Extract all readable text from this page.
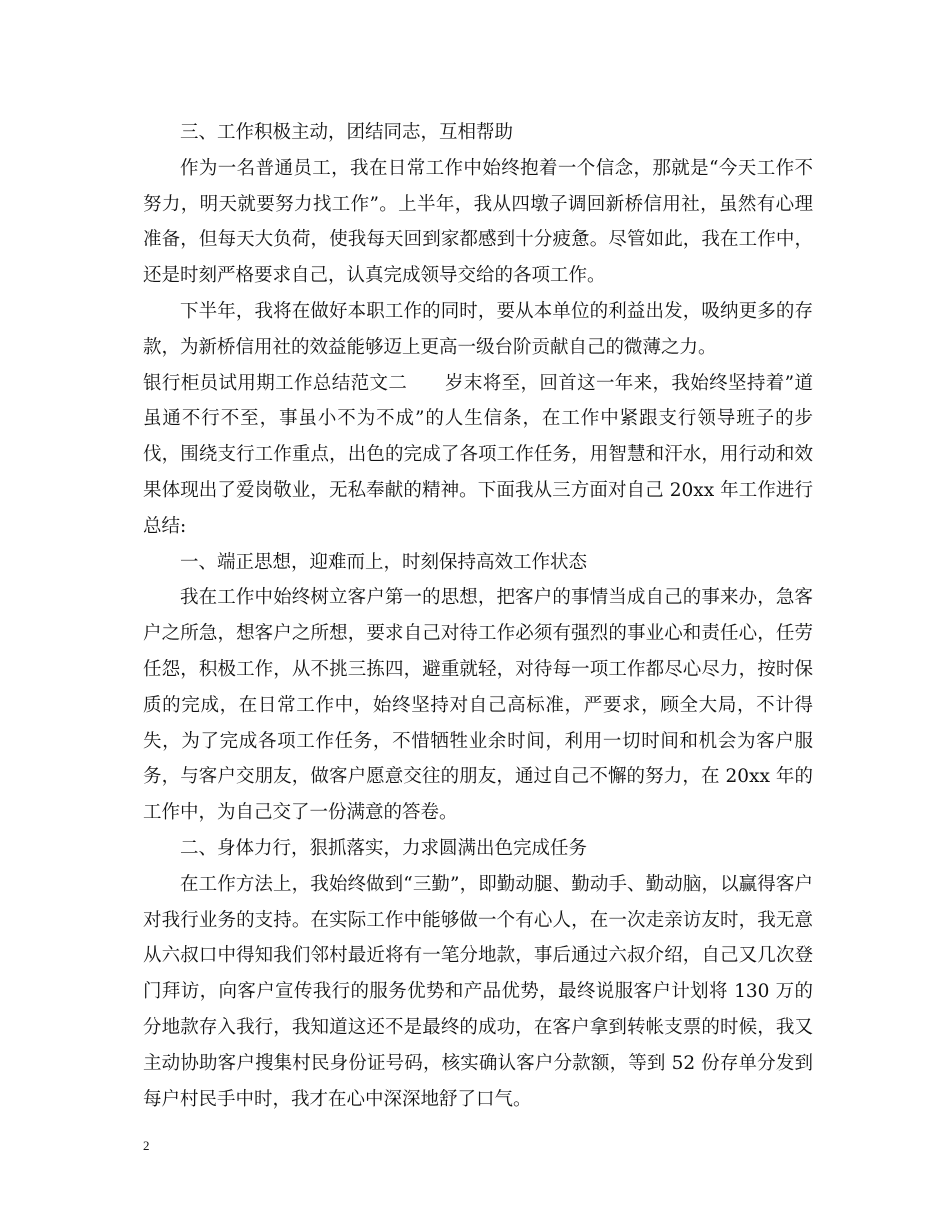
三、工作积极主动，团结同志，互相帮助

作为一名普通员工，我在日常工作中始终抱着一个信念，那就是“今天工作不努力，明天就要努力找工作”。上半年，我从四墩子调回新桥信用社，虽然有心理准备，但每天大负荷，使我每天回到家都感到十分疲惫。尽管如此，我在工作中，还是时刻严格要求自己，认真完成领导交给的各项工作。

下半年，我将在做好本职工作的同时，要从本单位的利益出发，吸纳更多的存款，为新桥信用社的效益能够迈上更高一级台阶贡献自己的微薄之力。

银行柜员试用期工作总结范文二　　岁末将至，回首这一年来，我始终坚持着”道虽通不行不至，事虽小不为不成”的人生信条，在工作中紧跟支行领导班子的步伐，围绕支行工作重点，出色的完成了各项工作任务，用智慧和汗水，用行动和效果体现出了爱岗敬业，无私奉献的精神。下面我从三方面对自己 20xx 年工作进行总结:

一、端正思想，迎难而上，时刻保持高效工作状态

我在工作中始终树立客户第一的思想，把客户的事情当成自己的事来办，急客户之所急，想客户之所想，要求自己对待工作必须有强烈的事业心和责任心，任劳任怨，积极工作，从不挑三拣四，避重就轻，对待每一项工作都尽心尽力，按时保质的完成，在日常工作中，始终坚持对自己高标准，严要求，顾全大局，不计得失，为了完成各项工作任务，不惜牺牲业余时间，利用一切时间和机会为客户服务，与客户交朋友，做客户愿意交往的朋友，通过自己不懈的努力，在 20xx 年的工作中，为自己交了一份满意的答卷。

二、身体力行，狠抓落实，力求圆满出色完成任务

在工作方法上，我始终做到“三勤”，即勤动腿、勤动手、勤动脑，以赢得客户对我行业务的支持。在实际工作中能够做一个有心人，在一次走亲访友时，我无意从六叔口中得知我们邻村最近将有一笔分地款，事后通过六叔介绍，自己又几次登门拜访，向客户宣传我行的服务优势和产品优势，最终说服客户计划将 130 万的分地款存入我行，我知道这还不是最终的成功，在客户拿到转帐支票的时候，我又主动协助客户搜集村民身份证号码，核实确认客户分款额，等到 52 份存单分发到每户村民手中时，我才在心中深深地舒了口气。

2
